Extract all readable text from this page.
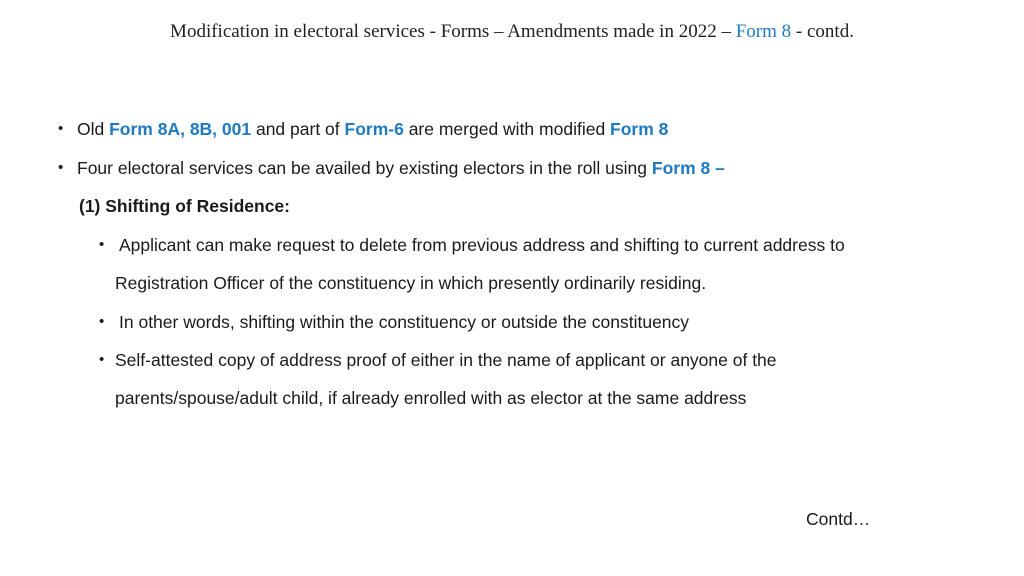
Modification in electoral services - Forms – Amendments made in 2022 – Form 8 - contd.
• Old Form 8A, 8B, 001 and part of Form-6 are merged with modified Form 8
• Four electoral services can be availed by existing electors in the roll using Form 8 –
(1) Shifting of Residence:
• Applicant can make request to delete from previous address and shifting to current address to
Registration Officer of the constituency in which presently ordinarily residing.
• In other words, shifting within the constituency or outside the constituency
• Self-attested copy of address proof of either in the name of applicant or anyone of the
parents/spouse/adult child, if already enrolled with as elector at the same address
Contd…
